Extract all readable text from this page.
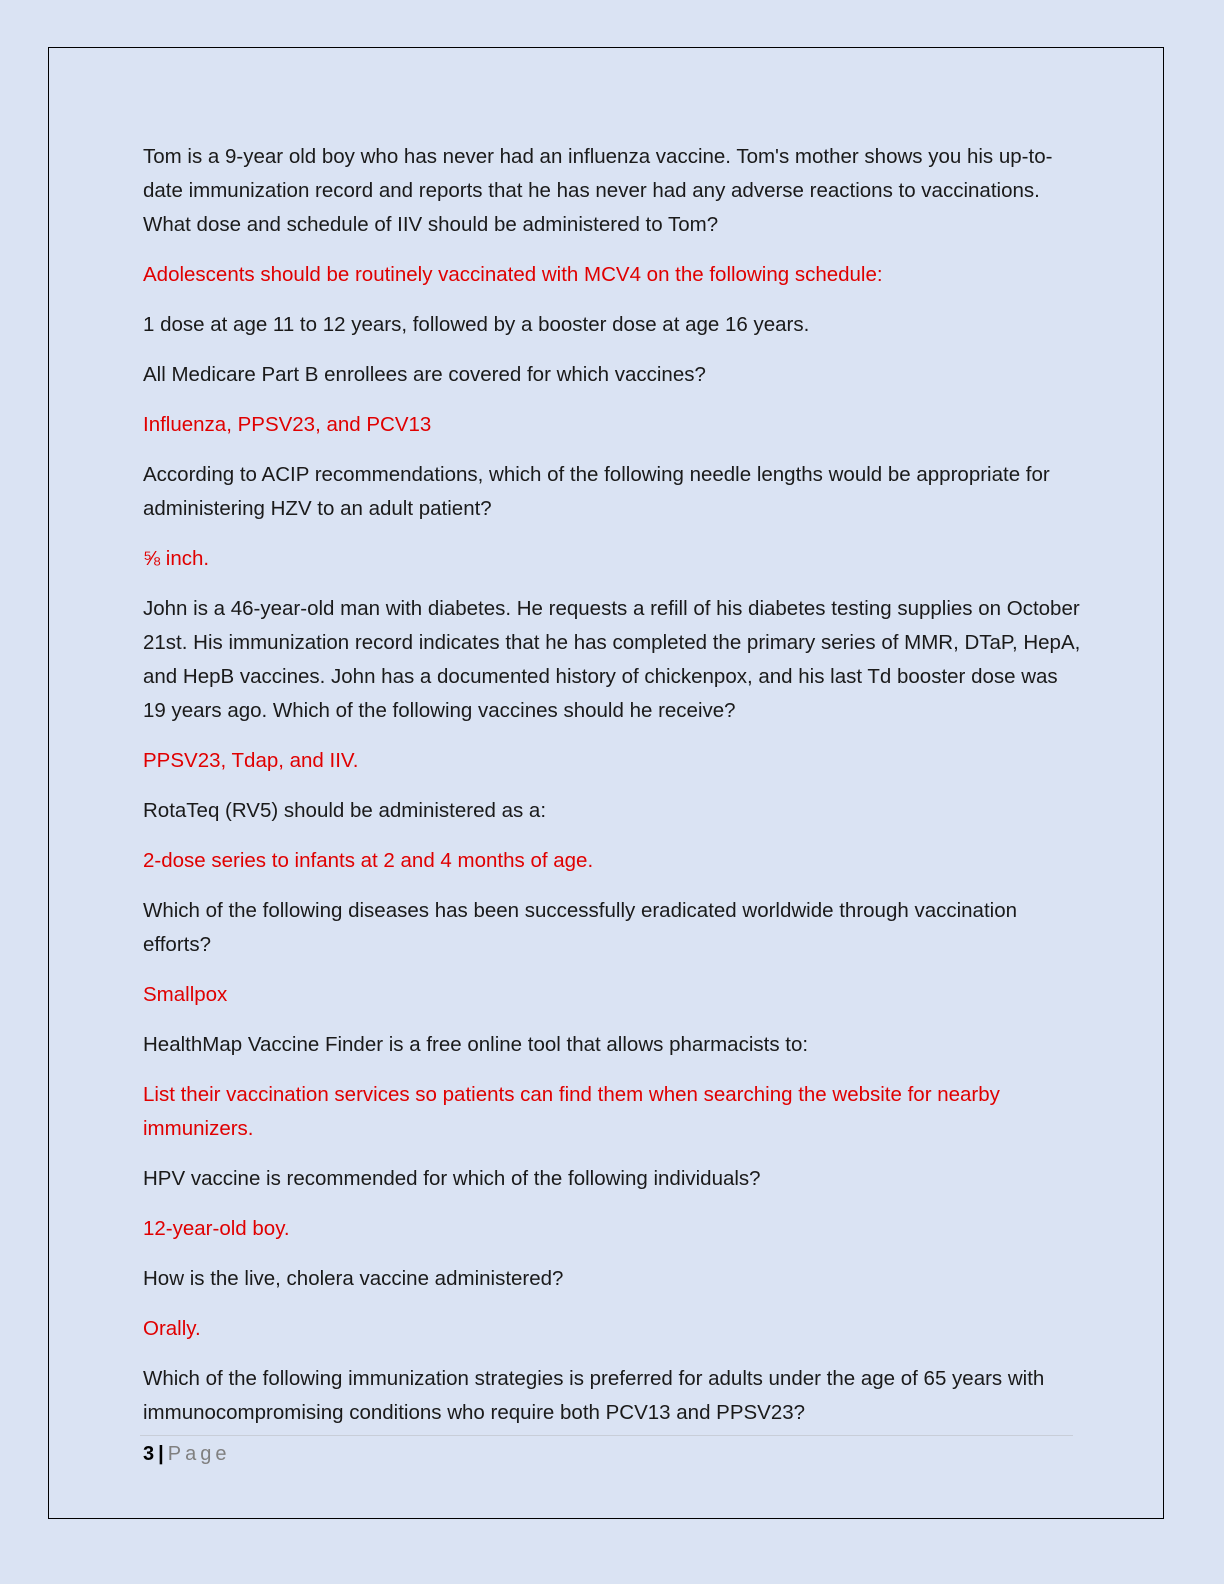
Tom is a 9-year old boy who has never had an influenza vaccine. Tom's mother shows you his up-to-date immunization record and reports that he has never had any adverse reactions to vaccinations. What dose and schedule of IIV should be administered to Tom?

Adolescents should be routinely vaccinated with MCV4 on the following schedule:

1 dose at age 11 to 12 years, followed by a booster dose at age 16 years.

All Medicare Part B enrollees are covered for which vaccines?

Influenza, PPSV23, and PCV13

According to ACIP recommendations, which of the following needle lengths would be appropriate for administering HZV to an adult patient?

⅝ inch.

John is a 46-year-old man with diabetes. He requests a refill of his diabetes testing supplies on October 21st. His immunization record indicates that he has completed the primary series of MMR, DTaP, HepA, and HepB vaccines. John has a documented history of chickenpox, and his last Td booster dose was 19 years ago. Which of the following vaccines should he receive?

PPSV23, Tdap, and IIV.

RotaTeq (RV5) should be administered as a:

2-dose series to infants at 2 and 4 months of age.

Which of the following diseases has been successfully eradicated worldwide through vaccination efforts?

Smallpox

HealthMap Vaccine Finder is a free online tool that allows pharmacists to:

List their vaccination services so patients can find them when searching the website for nearby immunizers.

HPV vaccine is recommended for which of the following individuals?

12-year-old boy.

How is the live, cholera vaccine administered?

Orally.

Which of the following immunization strategies is preferred for adults under the age of 65 years with immunocompromising conditions who require both PCV13 and PPSV23?

3 | Page
